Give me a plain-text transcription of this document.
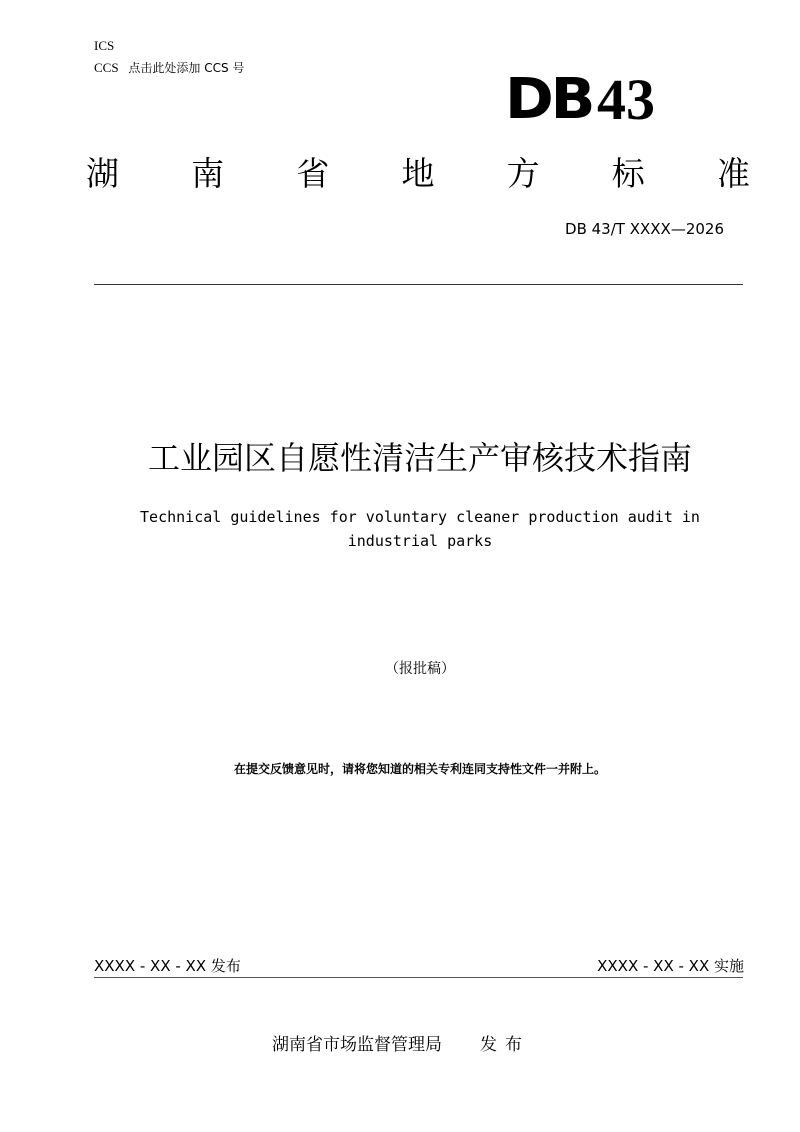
ICS
CCS 点击此处添加 CCS 号	DB 43
湖 南 省 地 方 标 准
DB 43/T XXXX—2026
工业园区自愿性清洁生产审核技术指南
Technical guidelines for voluntary cleaner production audit in industrial parks
（报批稿）
在提交反馈意见时，请将您知道的相关专利连同支持性文件一并附上。
XXXX - XX - XX 发布	XXXX - XX - XX 实施
湖南省市场监督管理局 发布
